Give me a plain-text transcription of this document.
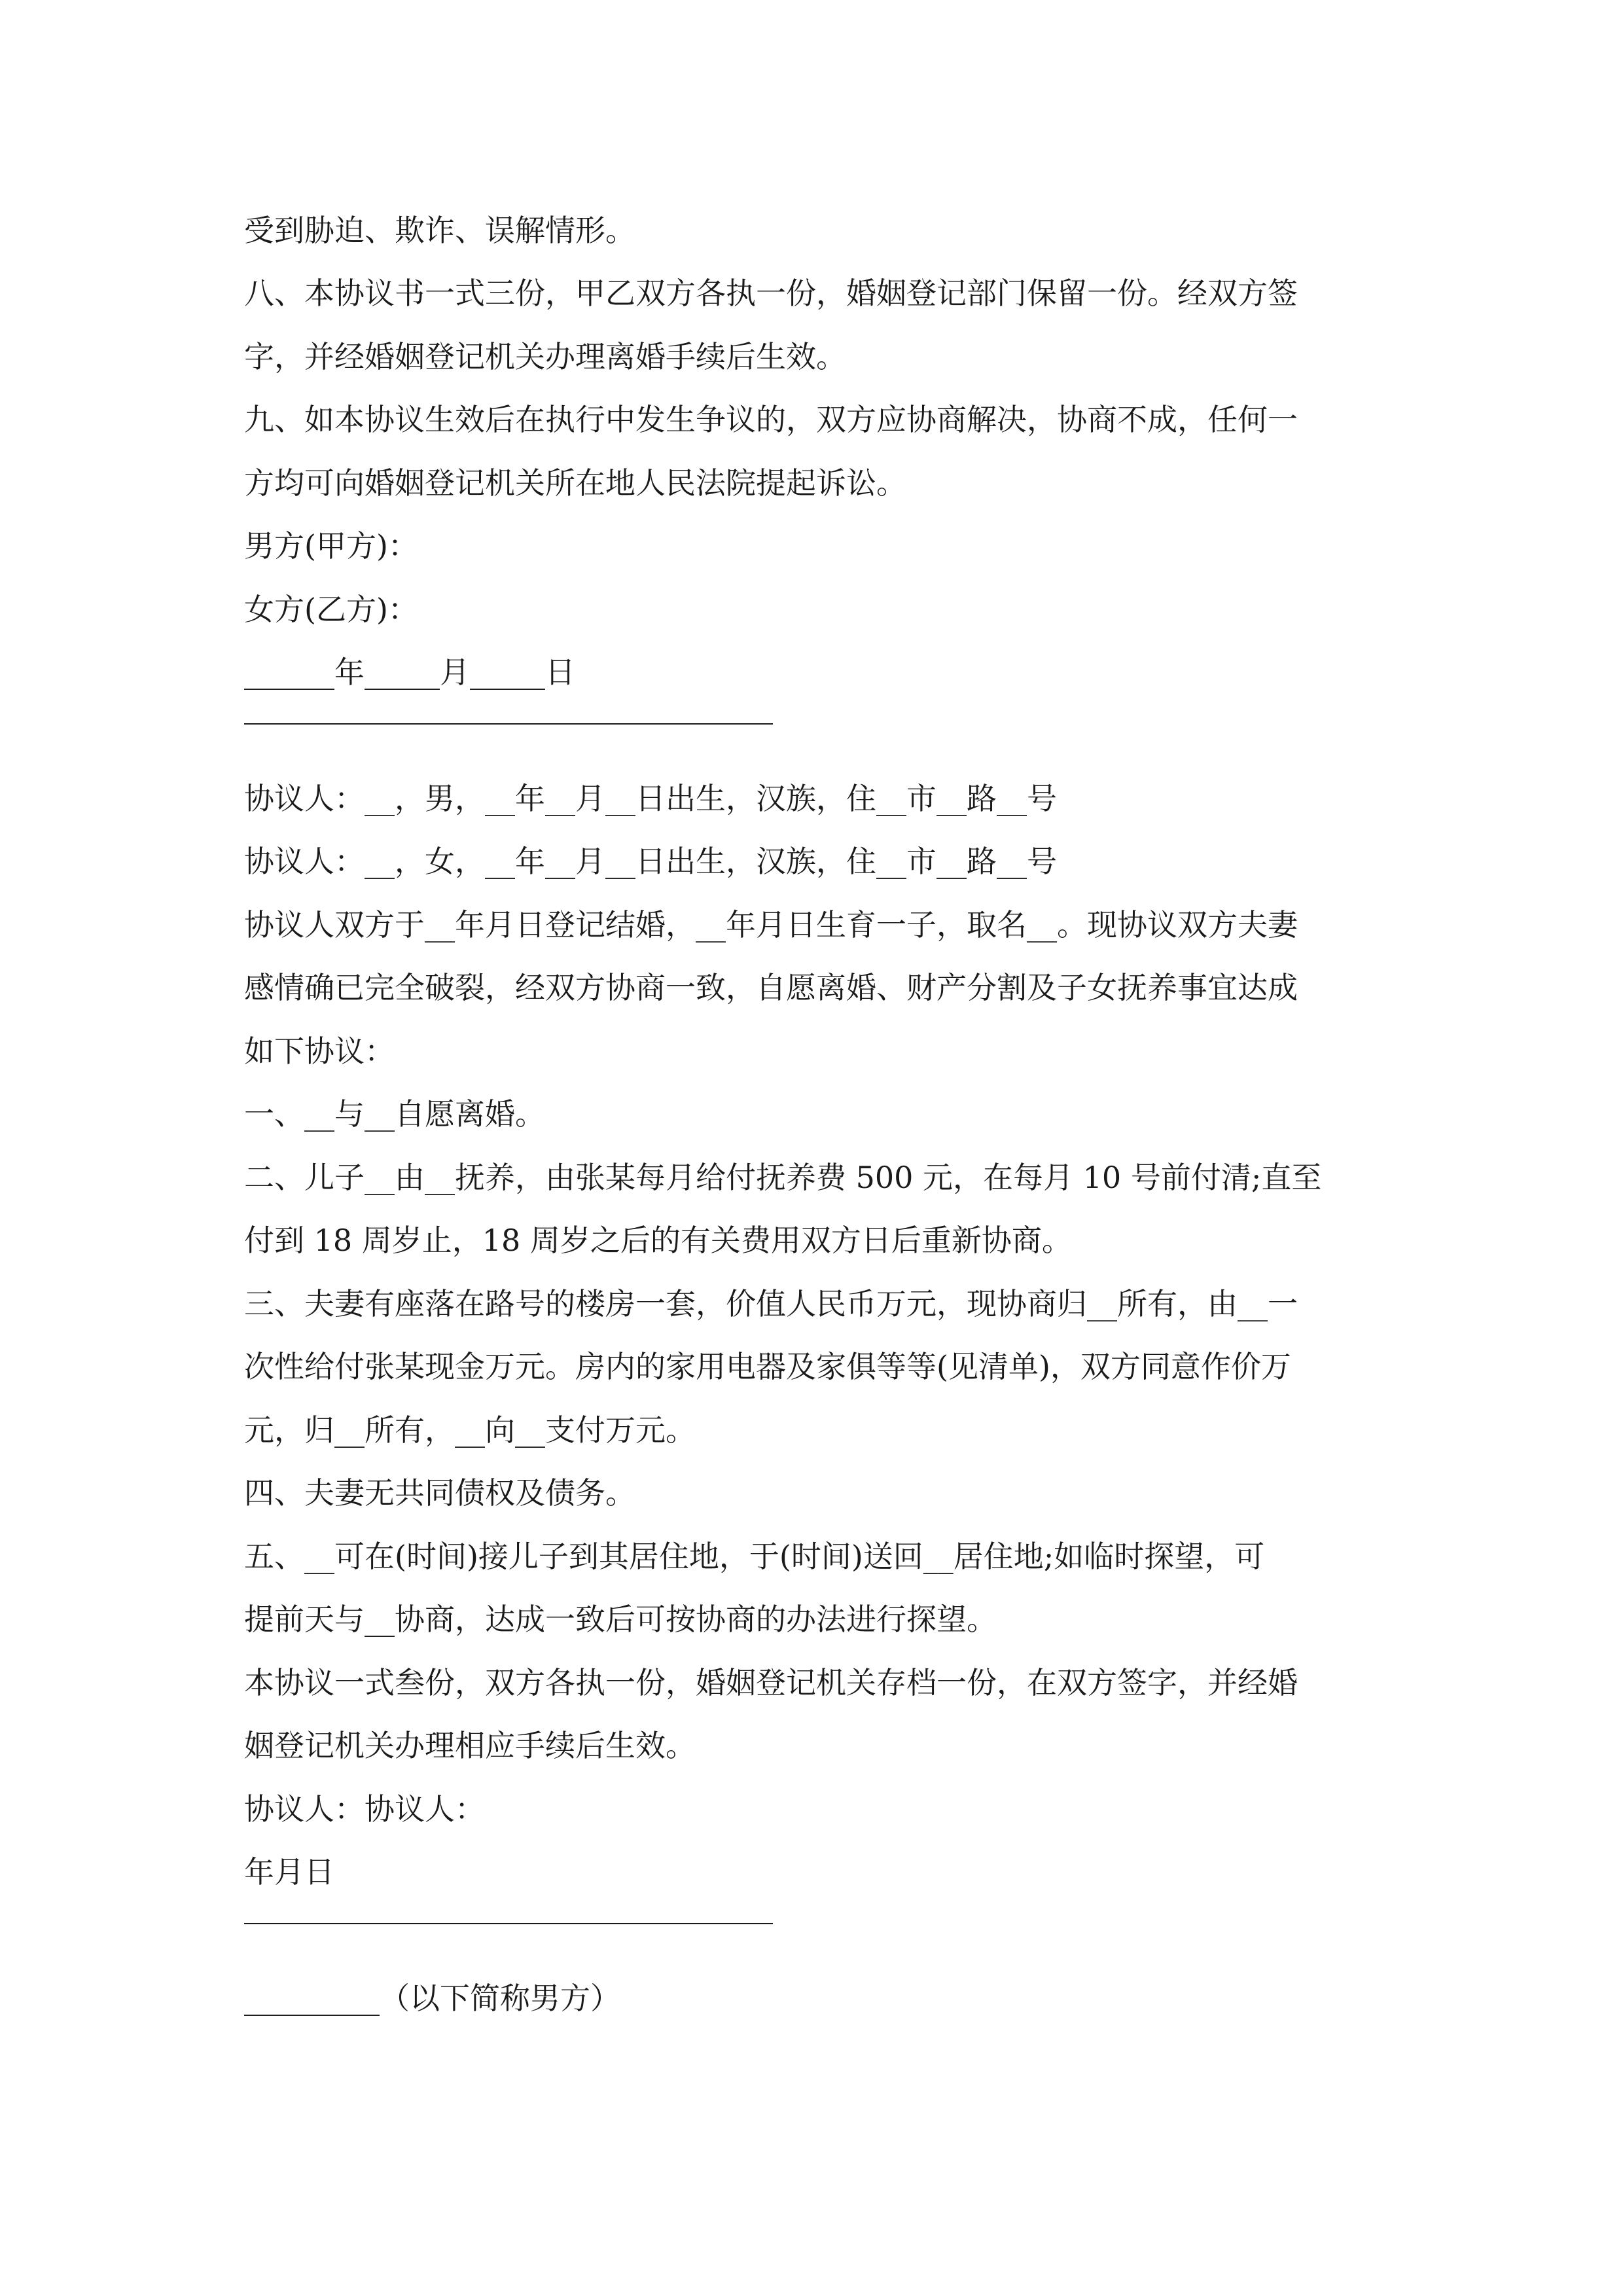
受到胁迫、欺诈、误解情形。
八、本协议书一式三份，甲乙双方各执一份，婚姻登记部门保留一份。经双方签
字，并经婚姻登记机关办理离婚手续后生效。
九、如本协议生效后在执行中发生争议的，双方应协商解决，协商不成，任何一
方均可向婚姻登记机关所在地人民法院提起诉讼。
男方(甲方)：
女方(乙方)：
______年_____月_____日
协议人：__，男，__年__月__日出生，汉族，住__市__路__号
协议人：__，女，__年__月__日出生，汉族，住__市__路__号
协议人双方于__年月日登记结婚，__年月日生育一子，取名__。现协议双方夫妻
感情确已完全破裂，经双方协商一致，自愿离婚、财产分割及子女抚养事宜达成
如下协议：
一、__与__自愿离婚。
二、儿子__由__抚养，由张某每月给付抚养费 500 元，在每月 10 号前付清;直至
付到 18 周岁止，18 周岁之后的有关费用双方日后重新协商。
三、夫妻有座落在路号的楼房一套，价值人民币万元，现协商归__所有，由__一
次性给付张某现金万元。房内的家用电器及家俱等等(见清单)，双方同意作价万
元，归__所有，__向__支付万元。
四、夫妻无共同债权及债务。
五、__可在(时间)接儿子到其居住地，于(时间)送回__居住地;如临时探望，可
提前天与__协商，达成一致后可按协商的办法进行探望。
本协议一式叁份，双方各执一份，婚姻登记机关存档一份，在双方签字，并经婚
姻登记机关办理相应手续后生效。
协议人：协议人：
年月日
_________（以下简称男方）
